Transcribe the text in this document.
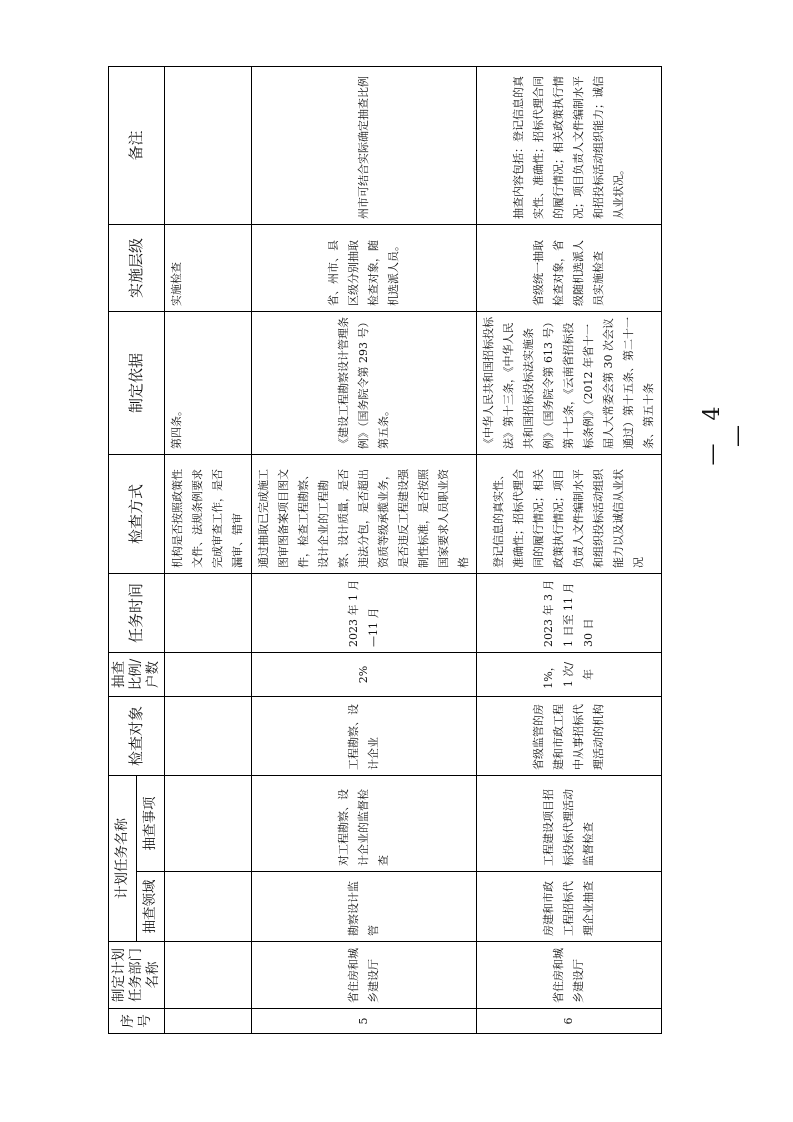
序号	制定计划任务部门名称	计划任务名称		检查对象	抽查比例/户数	任务时间	检查方式	制定依据	实施层级	备注
		抽查领域	抽查事项							
							机构是否按照政策性文件、法规条例要求完成审查工作，是否漏审、错审	第四条。	实施检查	
5	省住房和城乡建设厅	勘察设计监管	对工程勘察、设计企业的监督检查	工程勘察、设计企业	2%	2023 年 1 月—11 月	通过抽取已完成施工图审图备案项目图文件，检查工程勘察、设计企业的工程勘察、设计质量，是否违法分包，是否超出资质等级承揽业务，是否违反工程建设强制性标准，是否按照国家要求人员职业资格	《建设工程勘察设计管理条例》（国务院令第 293 号）第五条。	省、州市、县区级分别抽取检查对象，随机选派人员。	州市可结合实际确定抽查比例
6	省住房和城乡建设厅	房建和市政工程招标代理企业抽查	工程建设项目招标投标代理活动监督检查	省级监管的房建和市政工程中从事招标代理活动的机构	1%，1 次/年	2023 年 3 月 1 日至 11 月 30 日	登记信息的真实性、准确性；招标代理合同的履行情况；相关政策执行情况；项目负责人文件编制水平和组织投标活动组织能力以及诚信从业状况	《中华人民共和国招标投标法》第十三条，《中华人民共和国招标投标法实施条例》（国务院令第 613 号）第十七条，《云南省招标投标条例》（2012 年省十一届人大常委会第 30 次会议通过）第十五条、第二十一条、第五十条	省级统一抽取检查对象，省级随机选派人员实施检查	抽查内容包括：登记信息的真实性、准确性；招标代理合同的履行情况；相关政策执行情况；项目负责人文件编制水平和招投标活动组织能力；诚信从业状况。
— 4 —
